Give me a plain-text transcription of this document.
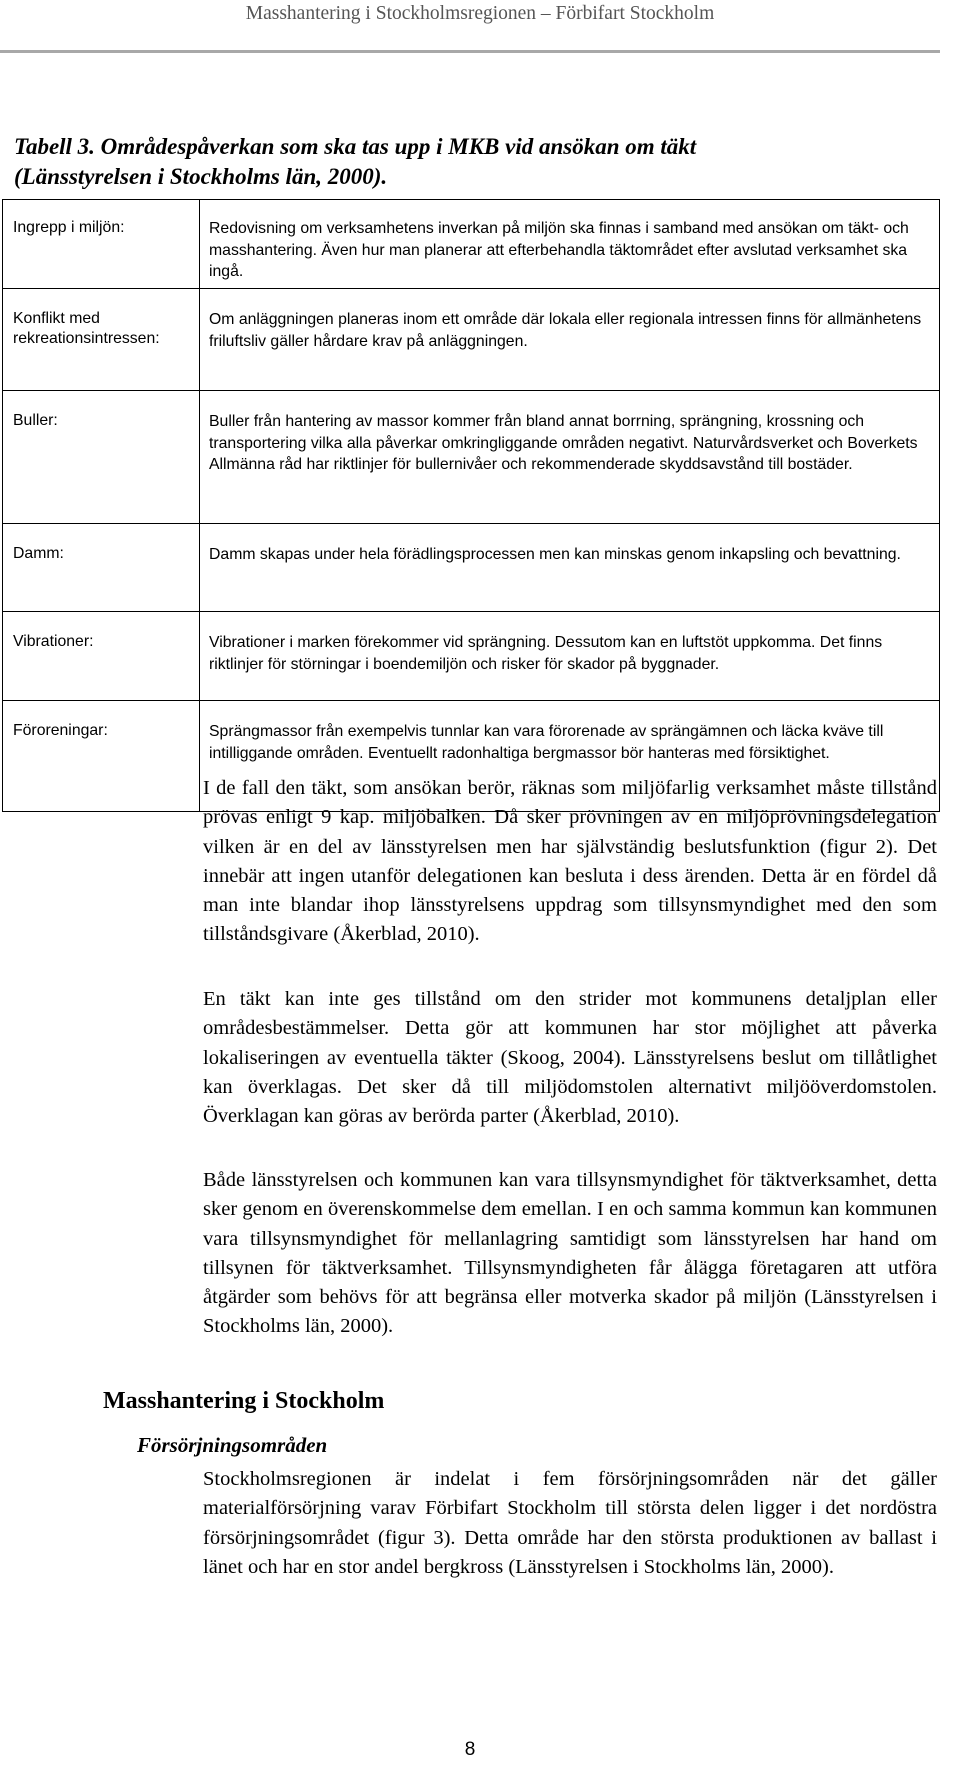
Masshantering i Stockholmsregionen – Förbifart Stockholm
Tabell 3. Områdespåverkan som ska tas upp i MKB vid ansökan om täkt
(Länsstyrelsen i Stockholms län, 2000).
Ingrepp i miljön:	Redovisning om verksamhetens inverkan på miljön ska finnas i samband med ansökan om täkt- och masshantering. Även hur man planerar att efterbehandla täktområdet efter avslutad verksamhet ska ingå.
Konflikt med rekreationsintressen:	Om anläggningen planeras inom ett område där lokala eller regionala intressen finns för allmänhetens friluftsliv gäller hårdare krav på anläggningen.
Buller:	Buller från hantering av massor kommer från bland annat borrning, sprängning, krossning och transportering vilka alla påverkar omkringliggande områden negativt. Naturvårdsverket och Boverkets Allmänna råd har riktlinjer för bullernivåer och rekommenderade skyddsavstånd till bostäder.
Damm:	Damm skapas under hela förädlingsprocessen men kan minskas genom inkapsling och bevattning.
Vibrationer:	Vibrationer i marken förekommer vid sprängning. Dessutom kan en luftstöt uppkomma. Det finns riktlinjer för störningar i boendemiljön och risker för skador på byggnader.
Föroreningar:	Sprängmassor från exempelvis tunnlar kan vara förorenade av sprängämnen och läcka kväve till intilliggande områden. Eventuellt radonhaltiga bergmassor bör hanteras med försiktighet.

I de fall den täkt, som ansökan berör, räknas som miljöfarlig verksamhet måste tillstånd prövas enligt 9 kap. miljöbalken. Då sker prövningen av en miljöprövningsdelegation vilken är en del av länsstyrelsen men har självständig beslutsfunktion (figur 2). Det innebär att ingen utanför delegationen kan besluta i dess ärenden. Detta är en fördel då man inte blandar ihop länsstyrelsens uppdrag som tillsynsmyndighet med den som tillståndsgivare (Åkerblad, 2010).

En täkt kan inte ges tillstånd om den strider mot kommunens detaljplan eller områdesbestämmelser. Detta gör att kommunen har stor möjlighet att påverka lokaliseringen av eventuella täkter (Skoog, 2004). Länsstyrelsens beslut om tillåtlighet kan överklagas. Det sker då till miljödomstolen alternativt miljööverdomstolen. Överklagan kan göras av berörda parter (Åkerblad, 2010).

Både länsstyrelsen och kommunen kan vara tillsynsmyndighet för täktverksamhet, detta sker genom en överenskommelse dem emellan. I en och samma kommun kan kommunen vara tillsynsmyndighet för mellanlagring samtidigt som länsstyrelsen har hand om tillsynen för täktverksamhet. Tillsynsmyndigheten får ålägga företagaren att utföra åtgärder som behövs för att begränsa eller motverka skador på miljön (Länsstyrelsen i Stockholms län, 2000).

Masshantering i Stockholm
Försörjningsområden

Stockholmsregionen är indelat i fem försörjningsområden när det gäller materialförsörjning varav Förbifart Stockholm till största delen ligger i det nordöstra försörjningsområdet (figur 3). Detta område har den största produktionen av ballast i länet och har en stor andel bergkross (Länsstyrelsen i Stockholms län, 2000).

8
